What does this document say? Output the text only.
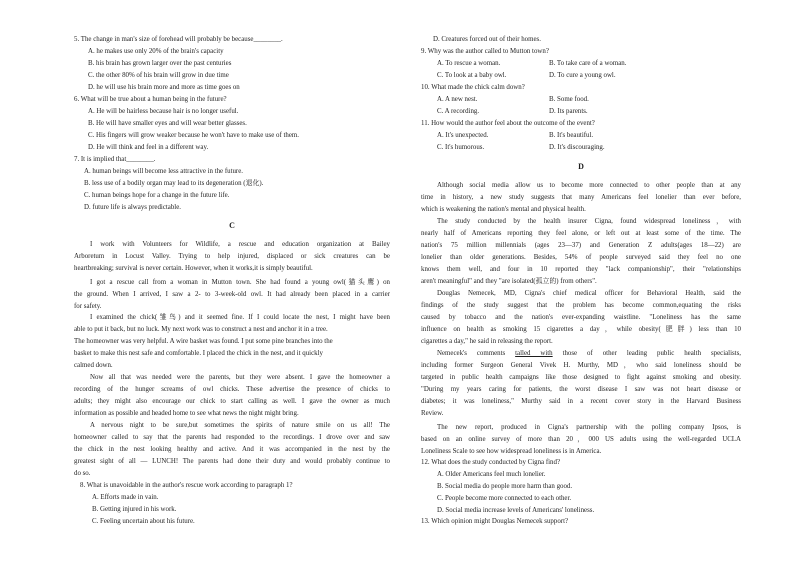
5. The change in man's size of forehead will probably be because________.
A. he makes use only 20% of the brain's capacity
B. his brain has grown larger over the past centuries
C. the other 80% of his brain will grow in due time
D. he will use his brain more and more as time goes on
6. What will be true about a human being in the future?
A. He will be hairless because hair is no longer useful.
B. He will have smaller eyes and will wear better glasses.
C. His fingers will grow weaker because he won't have to make use of them.
D. He will think and feel in a different way.
7. It is implied that________.
A. human beings will become less attractive in the future.
B. less use of a bodily organ may lead to its degeneration (退化).
C. human beings hope for a change in the future life.
D. future life is always predictable.
C
I work with Volunteers for Wildlife, a rescue and education organization at Bailey
Arboretum in Locust Valley. Trying to help injured, displaced or sick creatures can be
heartbreaking; survival is never certain. However, when it works,it is simply beautiful.
I got a rescue call from a woman in Mutton town. She had found a young owl(猫头鹰) on
the ground. When I arrived, I saw a 2- to 3-week-old owl. It had already been placed in a carrier
for safety.
I examined the chick(雏鸟) and it seemed fine. If I could locate the nest, I might have been
able to put it back, but no luck. My next work was to construct a nest and anchor it in a tree.
The homeowner was very helpful. A wire basket was found. I put some pine branches into the
basket to make this nest safe and comfortable. I placed the chick in the nest, and it quickly
calmed down.
Now all that was needed were the parents, but they were absent. I gave the homeowner a
recording of the hunger screams of owl chicks. These advertise the presence of chicks to
adults; they might also encourage our chick to start calling as well. I gave the owner as much
information as possible and headed home to see what news the night might bring.
A nervous night to be sure,but sometimes the spirits of nature smile on us all! The
homeowner called to say that the parents had responded to the recordings. I drove over and saw
the chick in the nest looking healthy and active. And it was accompanied in the nest by the
greatest sight of all — LUNCH! The parents had done their duty and would probably continue to
do so.
8. What is unavoidable in the author's rescue work according to paragraph 1?
A. Efforts made in vain.
B. Getting injured in his work.
C. Feeling uncertain about his future.
D. Creatures forced out of their homes.
9. Why was the author called to Mutton town?
A. To rescue a woman.	B. To take care of a woman.
C. To look at a baby owl.	D. To cure a young owl.
10. What made the chick calm down?
A. A new nest.	B. Some food.
C. A recording.	D. Its parents.
11. How would the author feel about the outcome of the event?
A. It's unexpected.	B. It's beautiful.
C. It's humorous.	D. It's discouraging.
D
Although social media allow us to become more connected to other people than at any
time in history, a new study suggests that many Americans feel lonelier than ever before,
which is weakening the nation's mental and physical health.
The study conducted by the health insurer Cigna, found widespread loneliness，with
nearly half of Americans reporting they feel alone, or left out at least some of the time. The
nation's 75 million millennials (ages 23—37) and Generation Z adults(ages 18—22) are
lonelier than older generations. Besides, 54% of people surveyed said they feel no one
knows them well, and four in 10 reported they "lack companionship", their "relationships
aren't meaningful" and they "are isolated(孤立的) from others".
Douglas Nemecek, MD, Cigna's chief medical officer for Behavioral Health, said the
findings of the study suggest that the problem has become common,equating the risks
caused by tobacco and the nation's ever-expanding waistline. "Loneliness has the same
influence on health as smoking 15 cigarettes a day，while obesity(肥胖) less than 10
cigarettes a day," he said in releasing the report.
Nemecek's comments talled with those of other leading public health specialists,
including former Surgeon General Vivek H. Murthy, MD，who said loneliness should be
targeted in public health campaigns like those designed to fight against smoking and obesity.
"During my years caring for patients, the worst disease I saw was not heart disease or
diabetes; it was loneliness," Murthy said in a recent cover story in the Harvard Business
Review.
The new report, produced in Cigna's partnership with the polling company Ipsos, is
based on an online survey of more than 20，000 US adults using the well-regarded UCLA
Loneliness Scale to see how widespread loneliness is in America.
12. What does the study conducted by Cigna find?
A. Older Americans feel much lonelier.
B. Social media do people more harm than good.
C. People become more connected to each other.
D. Social media increase levels of Americans' loneliness.
13. Which opinion might Douglas Nemecek support?
